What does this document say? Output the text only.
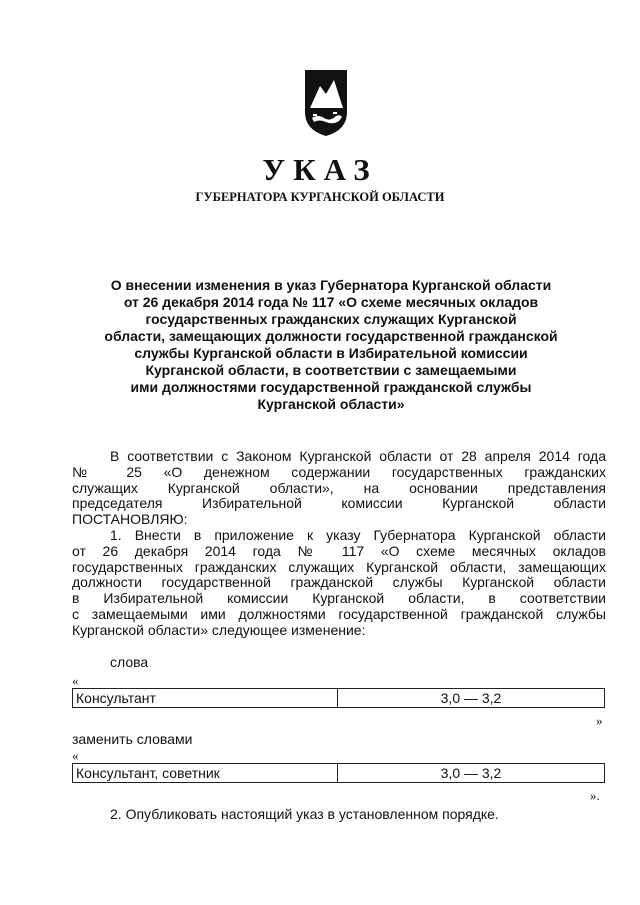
УКАЗ
ГУБЕРНАТОРА КУРГАНСКОЙ ОБЛАСТИ
О внесении изменения в указ Губернатора Курганской области
от 26 декабря 2014 года № 117 «О схеме месячных окладов
государственных гражданских служащих Курганской
области, замещающих должности государственной гражданской
службы Курганской области в Избирательной комиссии
Курганской области, в соответствии с замещаемыми
ими должностями государственной гражданской службы
Курганской области»
В соответствии с Законом Курганской области от 28 апреля 2014 года
№ 25 «О денежном содержании государственных гражданских
служащих Курганской области», на основании представления
председателя Избирательной комиссии Курганской области
ПОСТАНОВЛЯЮ:
1. Внести в приложение к указу Губернатора Курганской области
от 26 декабря 2014 года № 117 «О схеме месячных окладов
государственных гражданских служащих Курганской области, замещающих
должности государственной гражданской службы Курганской области
в Избирательной комиссии Курганской области, в соответствии
с замещаемыми ими должностями государственной гражданской службы
Курганской области» следующее изменение:
слова
«
Консультант	3,0 — 3,2
»
заменить словами
«
Консультант, советник	3,0 — 3,2
».
2. Опубликовать настоящий указ в установленном порядке.
